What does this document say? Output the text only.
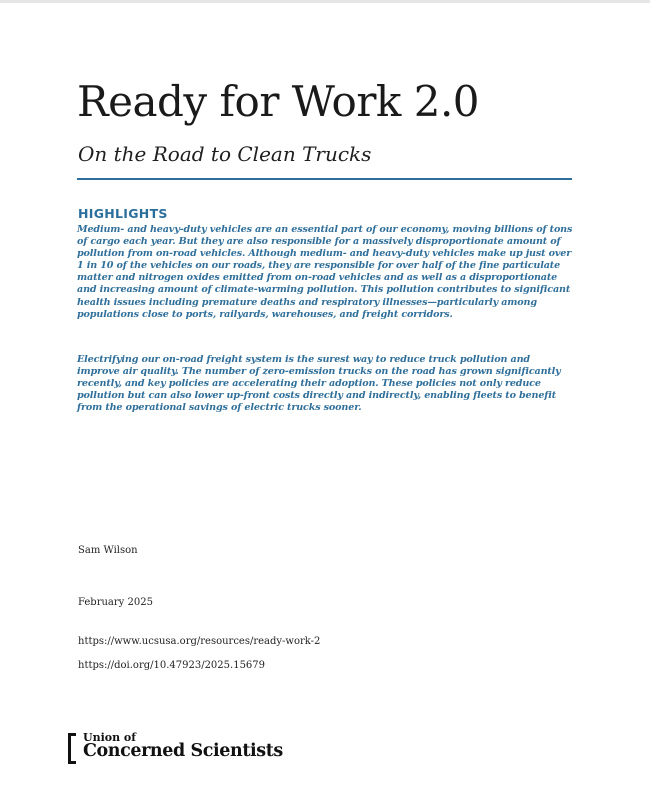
Ready for Work 2.0
On the Road to Clean Trucks
HIGHLIGHTS
Medium- and heavy-duty vehicles are an essential part of our economy, moving billions of tons of cargo each year. But they are also responsible for a massively disproportionate amount of pollution from on-road vehicles. Although medium- and heavy-duty vehicles make up just over 1 in 10 of the vehicles on our roads, they are responsible for over half of the fine particulate matter and nitrogen oxides emitted from on-road vehicles and as well as a disproportionate and increasing amount of climate-warming pollution. This pollution contributes to significant health issues including premature deaths and respiratory illnesses—particularly among populations close to ports, railyards, warehouses, and freight corridors.
Electrifying our on-road freight system is the surest way to reduce truck pollution and improve air quality. The number of zero-emission trucks on the road has grown significantly recently, and key policies are accelerating their adoption. These policies not only reduce pollution but can also lower up-front costs directly and indirectly, enabling fleets to benefit from the operational savings of electric trucks sooner.
Sam Wilson
February 2025
https://www.ucsusa.org/resources/ready-work-2
https://doi.org/10.47923/2025.15679
Union of
Concerned Scientists
